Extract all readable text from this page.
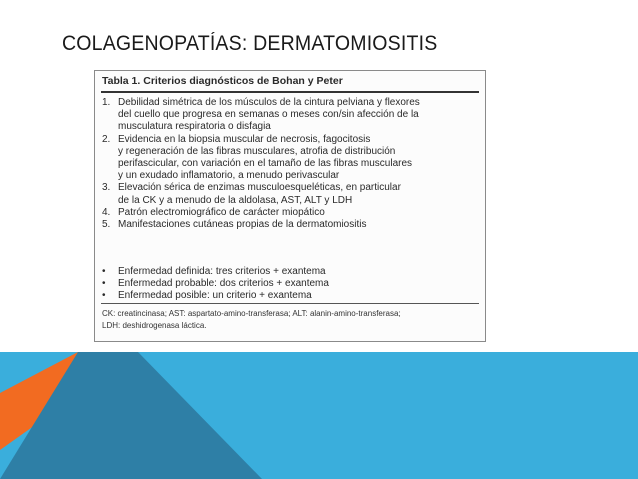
COLAGENOPATÍAS: DERMATOMIOSITIS
Tabla 1. Criterios diagnósticos de Bohan y Peter
1. Debilidad simétrica de los músculos de la cintura pelviana y flexores
del cuello que progresa en semanas o meses con/sin afección de la
musculatura respiratoria o disfagia
2. Evidencia en la biopsia muscular de necrosis, fagocitosis
y regeneración de las fibras musculares, atrofia de distribución
perifascicular, con variación en el tamaño de las fibras musculares
y un exudado inflamatorio, a menudo perivascular
3. Elevación sérica de enzimas musculoesqueléticas, en particular
de la CK y a menudo de la aldolasa, AST, ALT y LDH
4. Patrón electromiográfico de carácter miopático
5. Manifestaciones cutáneas propias de la dermatomiositis
•	Enfermedad definida: tres criterios + exantema
•	Enfermedad probable: dos criterios + exantema
•	Enfermedad posible: un criterio + exantema
CK: creatincinasa; AST: aspartato-amino-transferasa; ALT: alanin-amino-transferasa;
LDH: deshidrogenasa láctica.
